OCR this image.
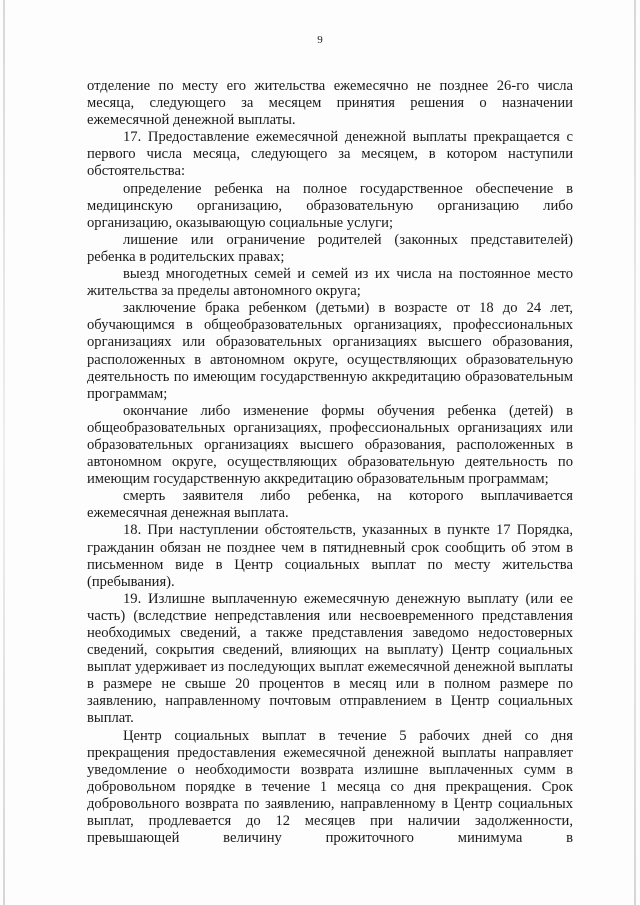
9

отделение по месту его жительства ежемесячно не позднее 26-го числа месяца, следующего за месяцем принятия решения о назначении ежемесячной денежной выплаты.

17. Предоставление ежемесячной денежной выплаты прекращается с первого числа месяца, следующего за месяцем, в котором наступили обстоятельства:

определение ребенка на полное государственное обеспечение в медицинскую организацию, образовательную организацию либо организацию, оказывающую социальные услуги;

лишение или ограничение родителей (законных представителей) ребенка в родительских правах;

выезд многодетных семей и семей из их числа на постоянное место жительства за пределы автономного округа;

заключение брака ребенком (детьми) в возрасте от 18 до 24 лет, обучающимся в общеобразовательных организациях, профессиональных организациях или образовательных организациях высшего образования, расположенных в автономном округе, осуществляющих образовательную деятельность по имеющим государственную аккредитацию образовательным программам;

окончание либо изменение формы обучения ребенка (детей) в общеобразовательных организациях, профессиональных организациях или образовательных организациях высшего образования, расположенных в автономном округе, осуществляющих образовательную деятельность по имеющим государственную аккредитацию образовательным программам;

смерть заявителя либо ребенка, на которого выплачивается ежемесячная денежная выплата.

18. При наступлении обстоятельств, указанных в пункте 17 Порядка, гражданин обязан не позднее чем в пятидневный срок сообщить об этом в письменном виде в Центр социальных выплат по месту жительства (пребывания).

19. Излишне выплаченную ежемесячную денежную выплату (или ее часть) (вследствие непредставления или несвоевременного представления необходимых сведений, а также представления заведомо недостоверных сведений, сокрытия сведений, влияющих на выплату) Центр социальных выплат удерживает из последующих выплат ежемесячной денежной выплаты в размере не свыше 20 процентов в месяц или в полном размере по заявлению, направленному почтовым отправлением в Центр социальных выплат.

Центр социальных выплат в течение 5 рабочих дней со дня прекращения предоставления ежемесячной денежной выплаты направляет уведомление о необходимости возврата излишне выплаченных сумм в добровольном порядке в течение 1 месяца со дня прекращения. Срок добровольного возврата по заявлению, направленному в Центр социальных выплат, продлевается до 12 месяцев при наличии задолженности, превышающей величину прожиточного минимума в
